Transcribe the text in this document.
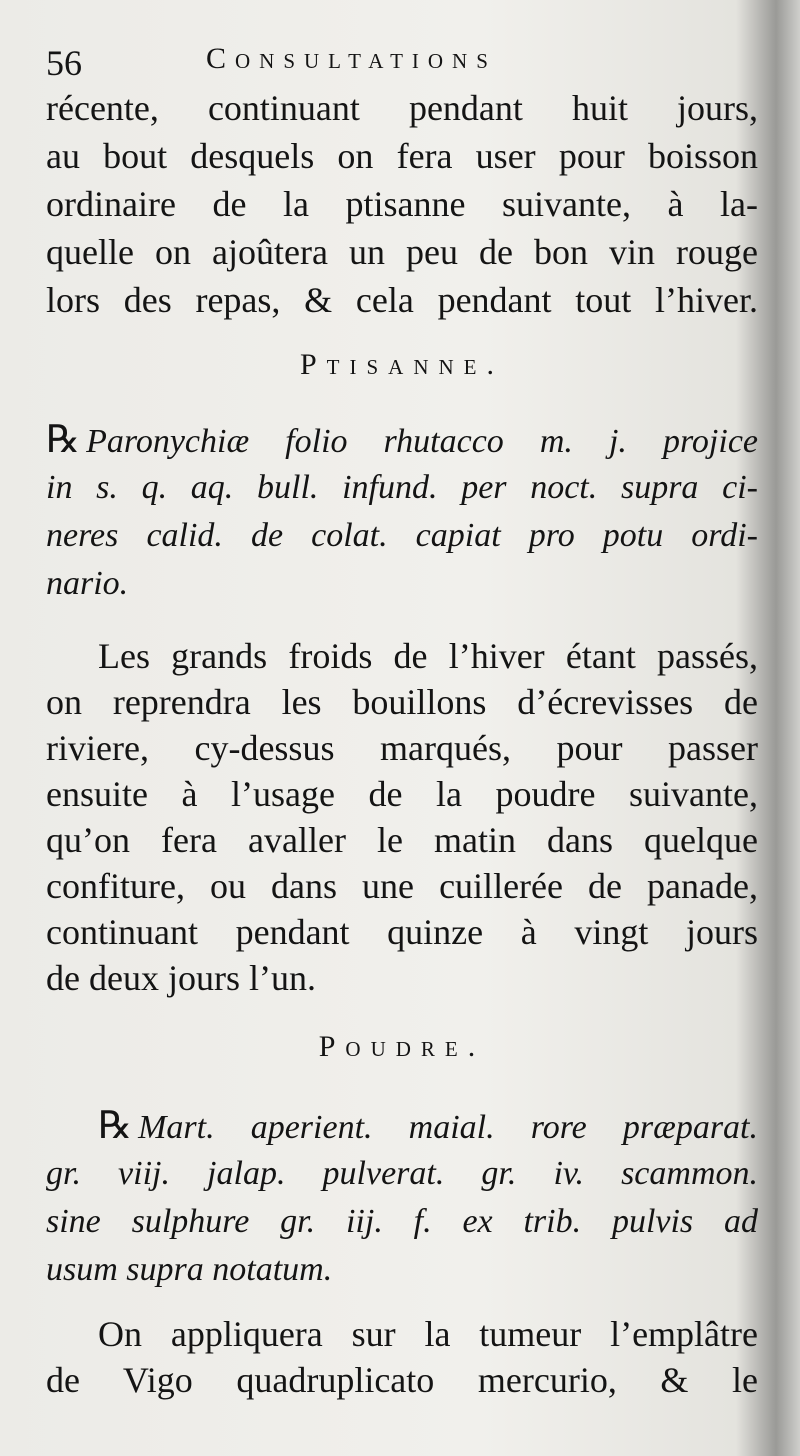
56	Consultations
récente, continuant pendant huit jours,
au bout desquels on fera user pour boisson
ordinaire de la ptisanne suivante, à la-
quelle on ajoûtera un peu de bon vin rouge
lors des repas, & cela pendant tout l’hiver.
Ptisanne.
℞ Paronychiæ folio rhutacco m. j. projice
in s. q. aq. bull. infund. per noct. supra ci-
neres calid. de colat. capiat pro potu ordi-
nario.
Les grands froids de l’hiver étant passés,
on reprendra les bouillons d’écrevisses de
riviere, cy-dessus marqués, pour passer
ensuite à l’usage de la poudre suivante,
qu’on fera avaller le matin dans quelque
confiture, ou dans une cuillerée de panade,
continuant pendant quinze à vingt jours
de deux jours l’un.
Poudre.
℞ Mart. aperient. maial. rore præparat.
gr. viij. jalap. pulverat. gr. iv. scammon.
sine sulphure gr. iij. f. ex trib. pulvis ad
usum supra notatum.
On appliquera sur la tumeur l’emplâtre
de Vigo quadruplicato mercurio, & le
